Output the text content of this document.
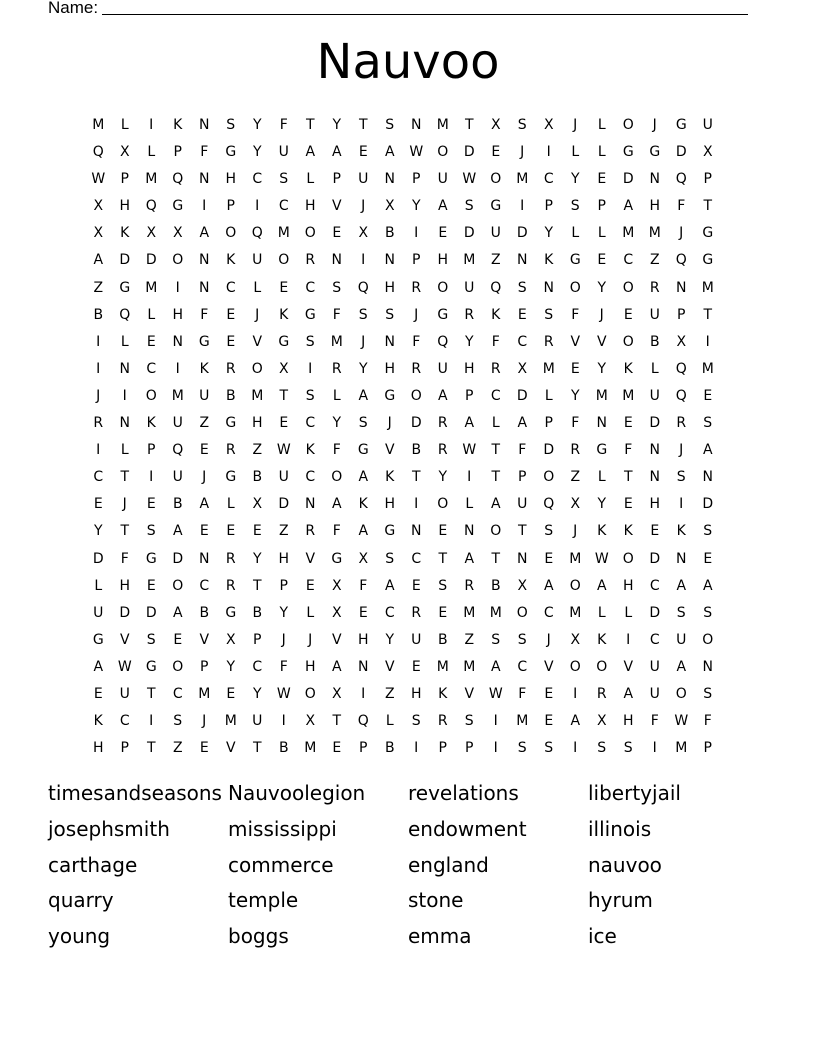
Name:
Nauvoo
M	L	I	K	N	S	Y	F	T	Y	T	S	N	M	T	X	S	X	J	L	O	J	G	U
Q	X	L	P	F	G	Y	U	A	A	E	A	W	O	D	E	J	I	L	L	G	G	D	X
W	P	M	Q	N	H	C	S	L	P	U	N	P	U	W	O	M	C	Y	E	D	N	Q	P
X	H	Q	G	I	P	I	C	H	V	J	X	Y	A	S	G	I	P	S	P	A	H	F	T
X	K	X	X	A	O	Q	M	O	E	X	B	I	E	D	U	D	Y	L	L	M	M	J	G
A	D	D	O	N	K	U	O	R	N	I	N	P	H	M	Z	N	K	G	E	C	Z	Q	G
Z	G	M	I	N	C	L	E	C	S	Q	H	R	O	U	Q	S	N	O	Y	O	R	N	M
B	Q	L	H	F	E	J	K	G	F	S	S	J	G	R	K	E	S	F	J	E	U	P	T
I	L	E	N	G	E	V	G	S	M	J	N	F	Q	Y	F	C	R	V	V	O	B	X	I
I	N	C	I	K	R	O	X	I	R	Y	H	R	U	H	R	X	M	E	Y	K	L	Q	M
J	I	O	M	U	B	M	T	S	L	A	G	O	A	P	C	D	L	Y	M	M	U	Q	E
R	N	K	U	Z	G	H	E	C	Y	S	J	D	R	A	L	A	P	F	N	E	D	R	S
I	L	P	Q	E	R	Z	W	K	F	G	V	B	R	W	T	F	D	R	G	F	N	J	A
C	T	I	U	J	G	B	U	C	O	A	K	T	Y	I	T	P	O	Z	L	T	N	S	N
E	J	E	B	A	L	X	D	N	A	K	H	I	O	L	A	U	Q	X	Y	E	H	I	D
Y	T	S	A	E	E	E	Z	R	F	A	G	N	E	N	O	T	S	J	K	K	E	K	S
D	F	G	D	N	R	Y	H	V	G	X	S	C	T	A	T	N	E	M W	O	D	N	E
L	H	E	O	C	R	T	P	E	X	F	A	E	S	R	B	X	A	O	A	H	C	A	A
U	D	D	A	B	G	B	Y	L	X	E	C	R	E	M	M	O	C	M	L	L	D	S	S
G	V	S	E	V	X	P	J	J	V	H	Y	U	B	Z	S	S	J	X	K	I	C	U	O
A	W	G	O	P	Y	C	F	H	A	N	V	E	M	M	A	C	V	O	O	V	U	A	N
E	U	T	C	M	E	Y	W	O	X	I	Z	H	K	V	W	F	E	I	R	A	U	O	S
K	C	I	S	J	M	U	I	X	T	Q	L	S	R	S	I	M	E	A	X	H	F	W	F
H	P	T	Z	E	V	T	B	M	E	P	B	I	P	P	I	S	S	I	S	S	I	M	P
timesandseasons Nauvoolegion	revelations	libertyjail
josephsmith	mississippi	endowment	illinois
carthage	commerce	england	nauvoo
quarry	temple	stone	hyrum
young	boggs	emma	ice
